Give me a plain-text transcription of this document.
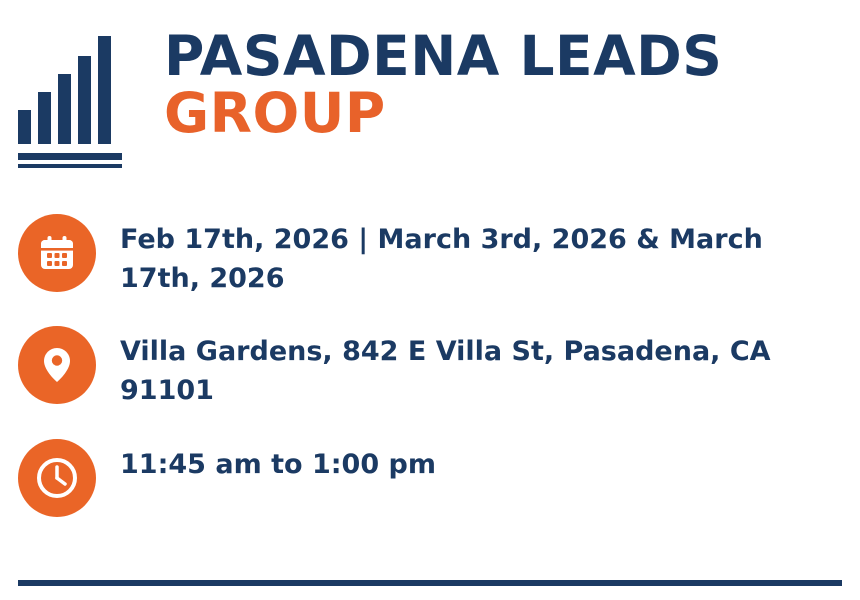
PASADENA LEADS
GROUP
Feb 17th, 2026 | March 3rd, 2026 & March 17th, 2026
Villa Gardens, 842 E Villa St, Pasadena, CA 91101
11:45 am to 1:00 pm
